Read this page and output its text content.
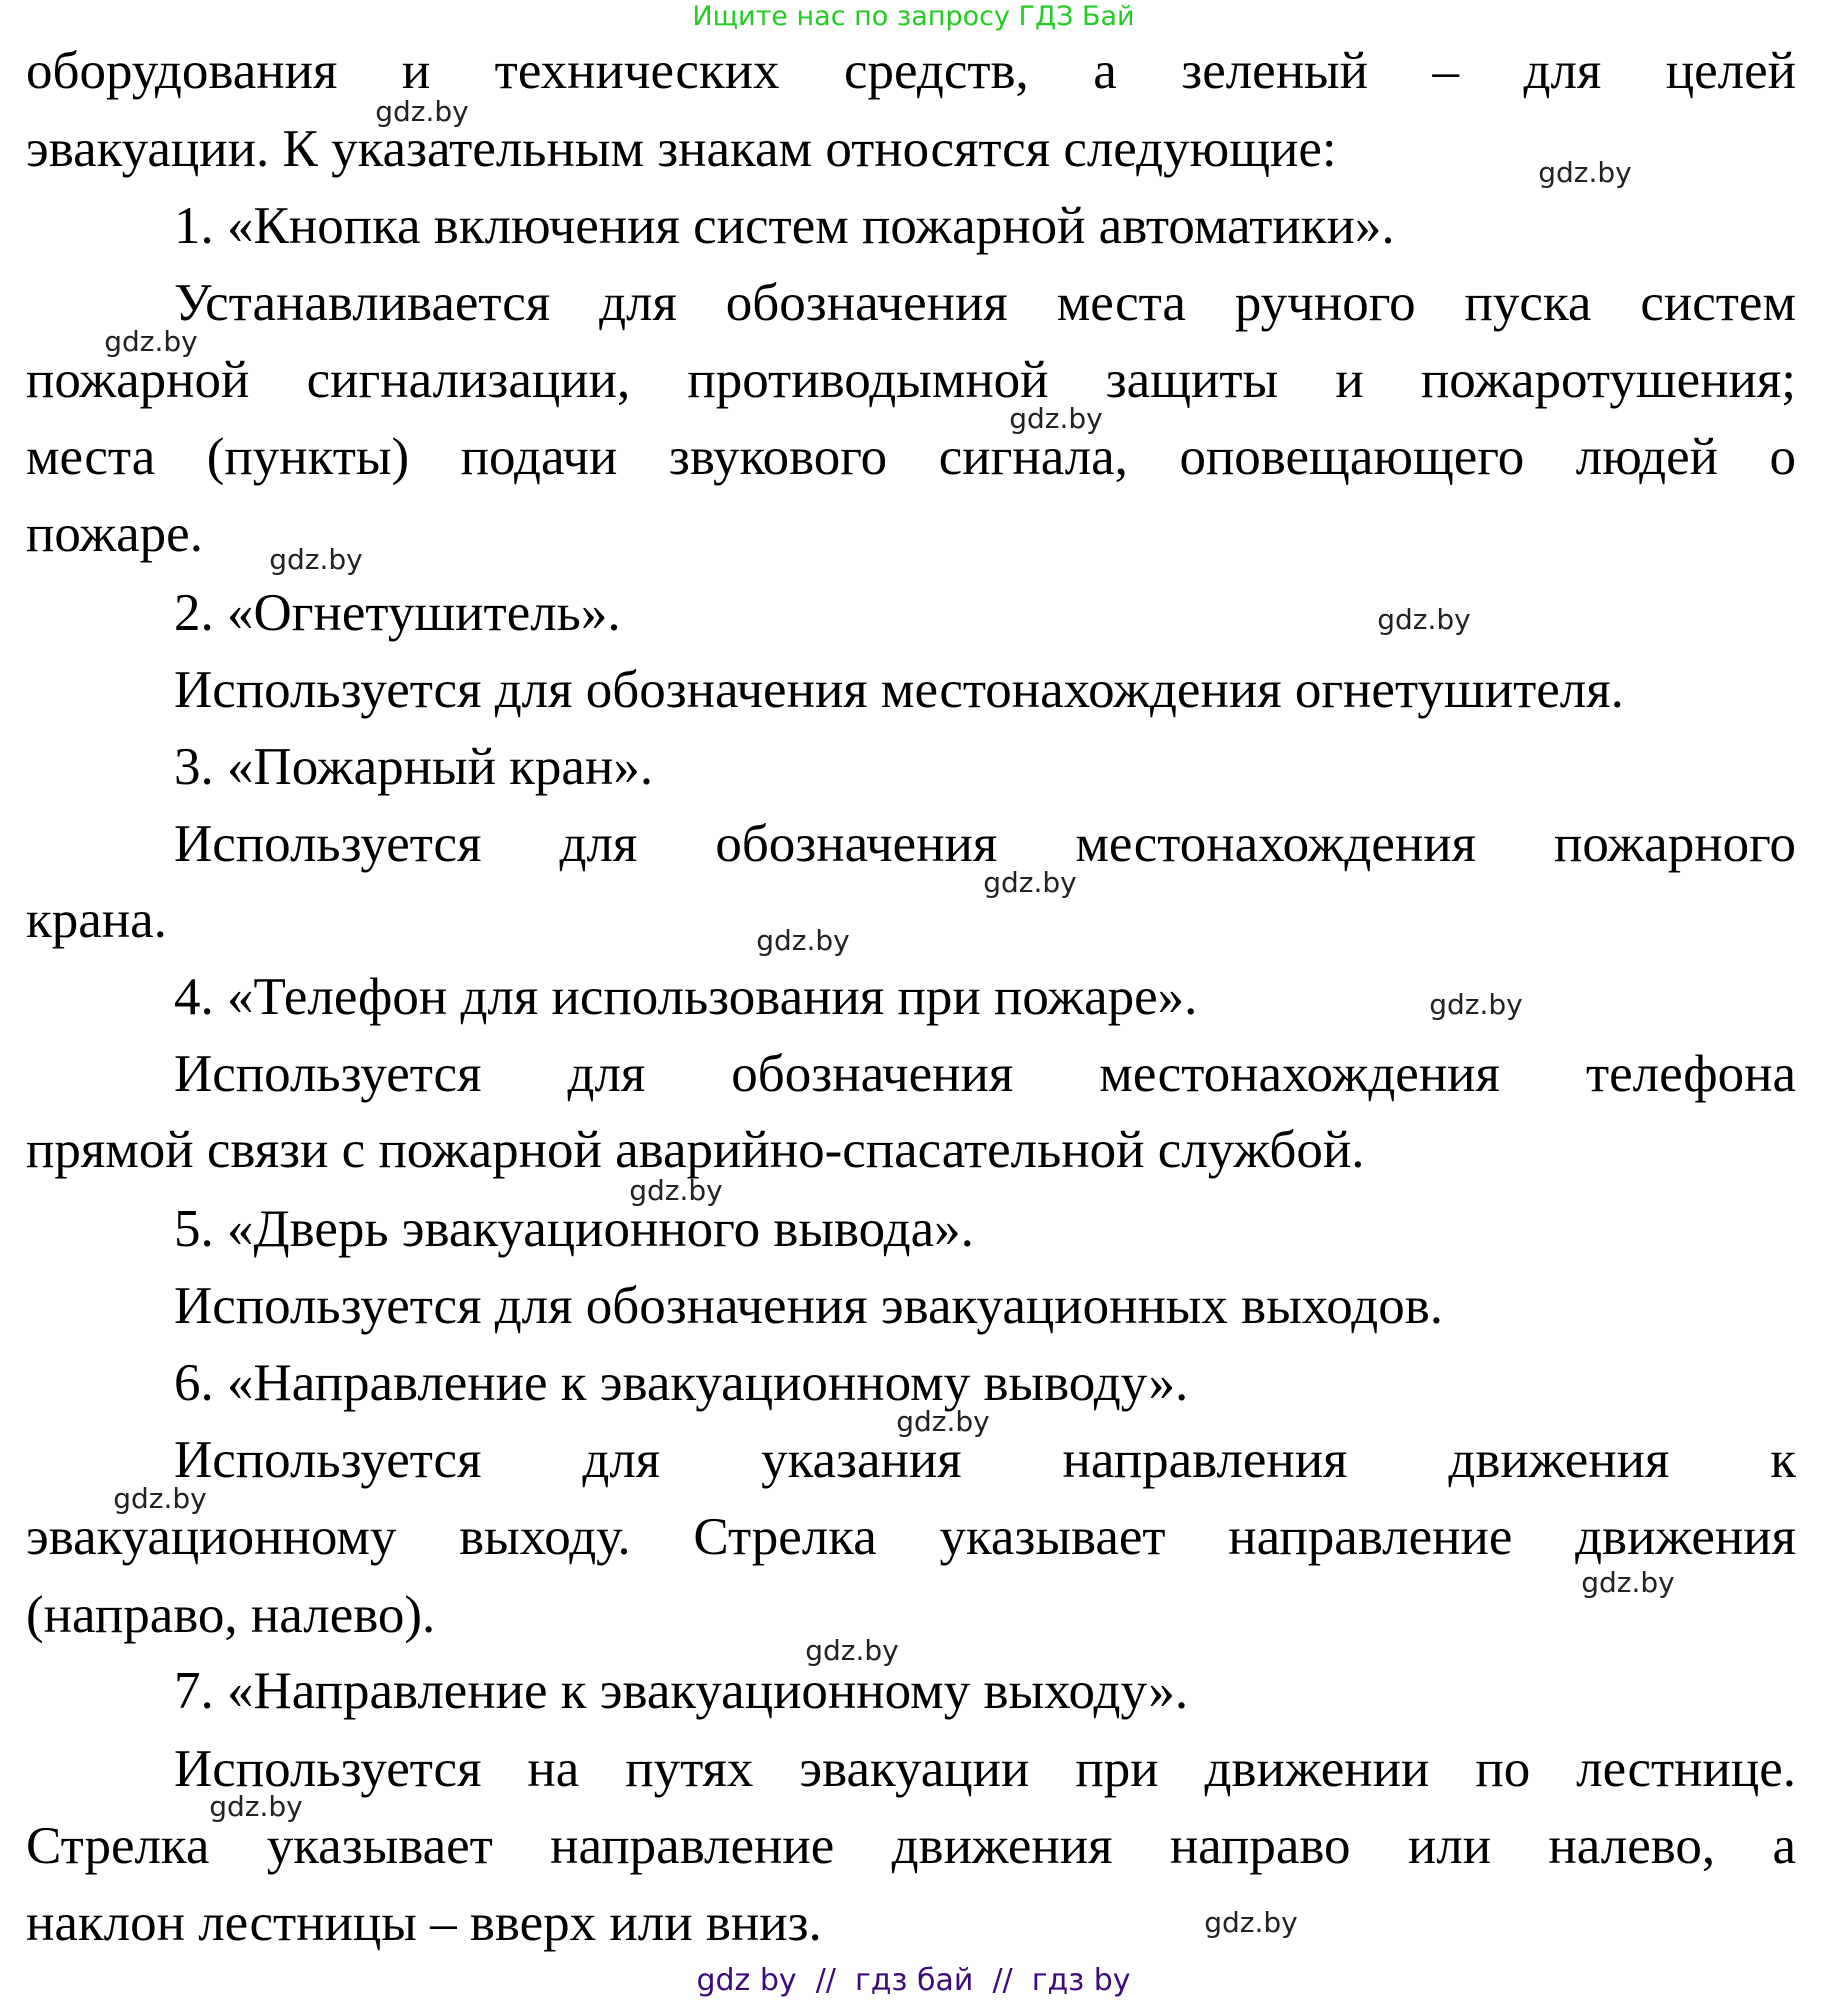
Ищите нас по запросу ГДЗ Бай
оборудования и технических средств, а зеленый – для целей
эвакуации. К указательным знакам относятся следующие:
1. «Кнопка включения систем пожарной автоматики».
Устанавливается для обозначения места ручного пуска систем
пожарной сигнализации, противодымной защиты и пожаротушения;
места (пункты) подачи звукового сигнала, оповещающего людей о
пожаре.
2. «Огнетушитель».
Используется для обозначения местонахождения огнетушителя.
3. «Пожарный кран».
Используется для обозначения местонахождения пожарного
крана.
4. «Телефон для использования при пожаре».
Используется для обозначения местонахождения телефона
прямой связи с пожарной аварийно-спасательной службой.
5. «Дверь эвакуационного вывода».
Используется для обозначения эвакуационных выходов.
6. «Направление к эвакуационному выводу».
Используется для указания направления движения к
эвакуационному выходу. Стрелка указывает направление движения
(направо, налево).
7. «Направление к эвакуационному выходу».
Используется на путях эвакуации при движении по лестнице.
Стрелка указывает направление движения направо или налево, а
наклон лестницы – вверх или вниз.
gdz.by
gdz.by
gdz.by
gdz.by
gdz.by
gdz.by
gdz.by
gdz.by
gdz.by
gdz.by
gdz.by
gdz.by
gdz.by
gdz.by
gdz.by
gdz.by
gdz by  //  гдз бай  //  гдз by
